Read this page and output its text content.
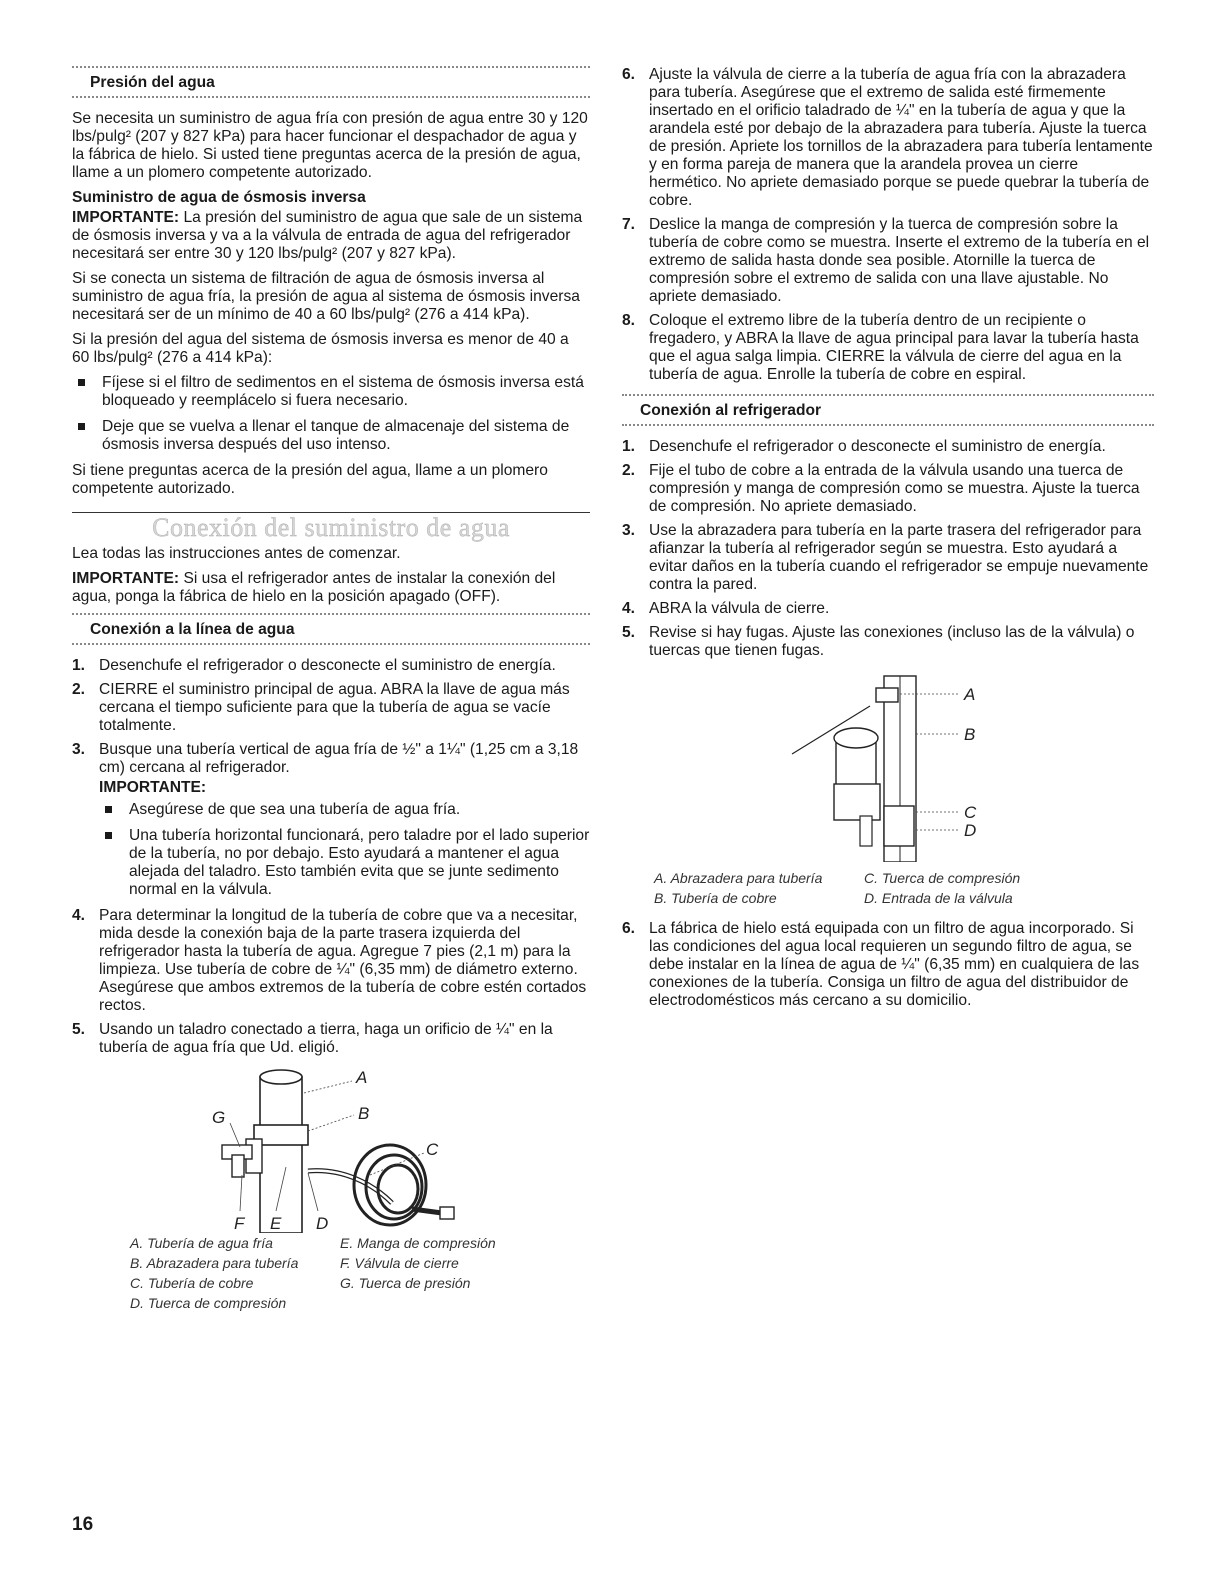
Presión del agua

Se necesita un suministro de agua fría con presión de agua entre 30 y 120 lbs/pulg² (207 y 827 kPa) para hacer funcionar el despachador de agua y la fábrica de hielo. Si usted tiene preguntas acerca de la presión de agua, llame a un plomero competente autorizado.

Suministro de agua de ósmosis inversa

IMPORTANTE: La presión del suministro de agua que sale de un sistema de ósmosis inversa y va a la válvula de entrada de agua del refrigerador necesitará ser entre 30 y 120 lbs/pulg² (207 y 827 kPa).

Si se conecta un sistema de filtración de agua de ósmosis inversa al suministro de agua fría, la presión de agua al sistema de ósmosis inversa necesitará ser de un mínimo de 40 a 60 lbs/pulg² (276 a 414 kPa).

Si la presión del agua del sistema de ósmosis inversa es menor de 40 a 60 lbs/pulg² (276 a 414 kPa):

Fíjese si el filtro de sedimentos en el sistema de ósmosis inversa está bloqueado y reemplácelo si fuera necesario.
Deje que se vuelva a llenar el tanque de almacenaje del sistema de ósmosis inversa después del uso intenso.

Si tiene preguntas acerca de la presión del agua, llame a un plomero competente autorizado.

Conexión del suministro de agua

Lea todas las instrucciones antes de comenzar.

IMPORTANTE: Si usa el refrigerador antes de instalar la conexión del agua, ponga la fábrica de hielo en la posición apagado (OFF).

Conexión a la línea de agua
1. Desenchufe el refrigerador o desconecte el suministro de energía.
2. CIERRE el suministro principal de agua. ABRA la llave de agua más cercana el tiempo suficiente para que la tubería de agua se vacíe totalmente.
3. Busque una tubería vertical de agua fría de ½" a 1¼" (1,25 cm a 3,18 cm) cercana al refrigerador.
IMPORTANTE:
Asegúrese de que sea una tubería de agua fría.
Una tubería horizontal funcionará, pero taladre por el lado superior de la tubería, no por debajo. Esto ayudará a mantener el agua alejada del taladro. Esto también evita que se junte sedimento normal en la válvula.
4. Para determinar la longitud de la tubería de cobre que va a necesitar, mida desde la conexión baja de la parte trasera izquierda del refrigerador hasta la tubería de agua. Agregue 7 pies (2,1 m) para la limpieza. Use tubería de cobre de ¼" (6,35 mm) de diámetro externo. Asegúrese que ambos extremos de la tubería de cobre estén cortados rectos.
5. Usando un taladro conectado a tierra, haga un orificio de ¼" en la tubería de agua fría que Ud. eligió.
A
B
C
D
E
F
G
A. Tubería de agua fría	E. Manga de compresión
B. Abrazadera para tubería	F. Válvula de cierre
C. Tubería de cobre	G. Tuerca de presión
D. Tuerca de compresión
6. Ajuste la válvula de cierre a la tubería de agua fría con la abrazadera para tubería. Asegúrese que el extremo de salida esté firmemente insertado en el orificio taladrado de ¼" en la tubería de agua y que la arandela esté por debajo de la abrazadera para tubería. Ajuste la tuerca de presión. Apriete los tornillos de la abrazadera para tubería lentamente y en forma pareja de manera que la arandela provea un cierre hermético. No apriete demasiado porque se puede quebrar la tubería de cobre.
7. Deslice la manga de compresión y la tuerca de compresión sobre la tubería de cobre como se muestra. Inserte el extremo de la tubería en el extremo de salida hasta donde sea posible. Atornille la tuerca de compresión sobre el extremo de salida con una llave ajustable. No apriete demasiado.
8. Coloque el extremo libre de la tubería dentro de un recipiente o fregadero, y ABRA la llave de agua principal para lavar la tubería hasta que el agua salga limpia. CIERRE la válvula de cierre del agua en la tubería de agua. Enrolle la tubería de cobre en espiral.
Conexión al refrigerador
1. Desenchufe el refrigerador o desconecte el suministro de energía.
2. Fije el tubo de cobre a la entrada de la válvula usando una tuerca de compresión y manga de compresión como se muestra. Ajuste la tuerca de compresión. No apriete demasiado.
3. Use la abrazadera para tubería en la parte trasera del refrigerador para afianzar la tubería al refrigerador según se muestra. Esto ayudará a evitar daños en la tubería cuando el refrigerador se empuje nuevamente contra la pared.
4. ABRA la válvula de cierre.
5. Revise si hay fugas. Ajuste las conexiones (incluso las de la válvula) o tuercas que tienen fugas.
A
B
C
D
A. Abrazadera para tubería	C. Tuerca de compresión
B. Tubería de cobre	D. Entrada de la válvula
6. La fábrica de hielo está equipada con un filtro de agua incorporado. Si las condiciones del agua local requieren un segundo filtro de agua, se debe instalar en la línea de agua de ¼" (6,35 mm) en cualquiera de las conexiones de la tubería. Consiga un filtro de agua del distribuidor de electrodomésticos más cercano a su domicilio.
16
